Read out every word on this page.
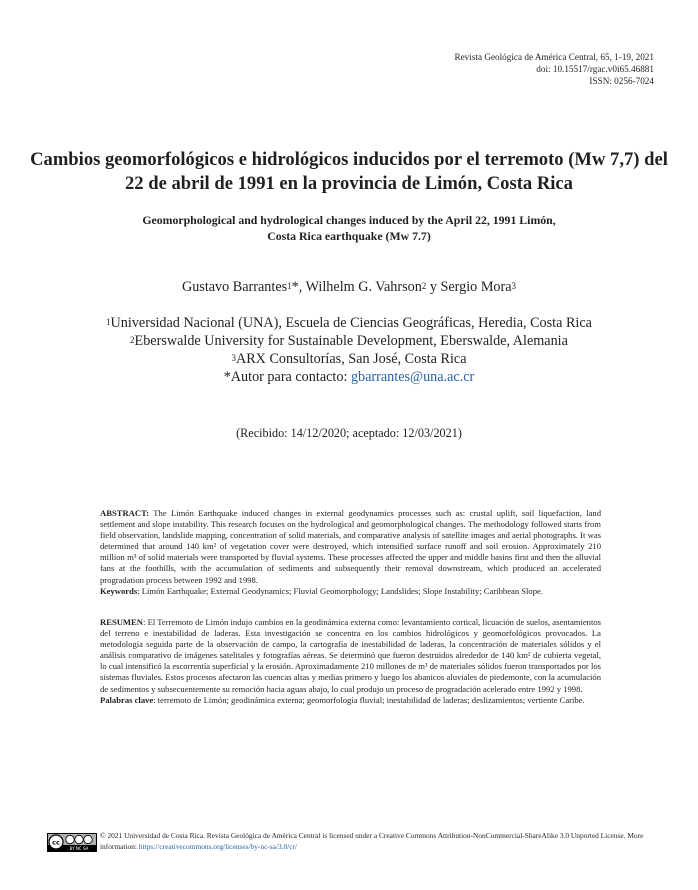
Revista Geológica de América Central, 65, 1-19, 2021
doi: 10.15517/rgac.v0i65.46881
ISSN: 0256-7024
Cambios geomorfológicos e hidrológicos inducidos por el terremoto (Mw 7,7) del 22 de abril de 1991 en la provincia de Limón, Costa Rica
Geomorphological and hydrological changes induced by the April 22, 1991 Limón,
Costa Rica earthquake (Mw 7.7)
Gustavo Barrantes$^1$*, Wilhelm G. Vahrson$^2$ y Sergio Mora$^3$
$^1$Universidad Nacional (UNA), Escuela de Ciencias Geográficas, Heredia, Costa Rica
$^2$Eberswalde University for Sustainable Development, Eberswalde, Alemania
$^3$ARX Consultorías, San José, Costa Rica
*Autor para contacto: gbarrantes@una.ac.cr
(Recibido: 14/12/2020; aceptado: 12/03/2021)

ABSTRACT: The Limón Earthquake induced changes in external geodynamics processes such as: crustal uplift, soil liquefaction, land settlement and slope instability. This research focuses on the hydrological and geomorphological changes. The methodology followed starts from field observation, landslide mapping, concentration of solid materials, and comparative analysis of satellite images and aerial photographs. It was determined that around 140 km² of vegetation cover were destroyed, which intensified surface runoff and soil erosion. Approximately 210 million m³ of solid materials were transported by fluvial systems. These processes affected the upper and middle basins first and then the alluvial fans at the foothills, with the accumulation of sediments and subsequently their removal downstream, which produced an accelerated progradation process between 1992 and 1998.

Keywords: Limón Earthquake; External Geodynamics; Fluvial Geomorphology; Landslides; Slope Instability; Caribbean Slope.

RESUMEN: El Terremoto de Limón indujo cambios en la geodinámica externa como: levantamiento cortical, licuación de suelos, asentamientos del terreno e inestabilidad de laderas. Esta investigación se concentra en los cambios hidrológicos y geomorfológicos provocados. La metodología seguida parte de la observación de campo, la cartografía de inestabilidad de laderas, la concentración de materiales sólidos y el análisis comparativo de imágenes satelitales y fotografías aéreas. Se determinó que fueron destruidos alrededor de 140 km² de cubierta vegetal, lo cual intensificó la escorrentía superficial y la erosión. Aproximadamente 210 millones de m³ de materiales sólidos fueron transportados por los sistemas fluviales. Estos procesos afectaron las cuencas altas y medias primero y luego los abanicos aluviales de piedemonte, con la acumulación de sedimentos y subsecuentemente su remoción hacia aguas abajo, lo cual produjo un proceso de progradación acelerado entre 1992 y 1998.

Palabras clave: terremoto de Limón; geodinámica externa; geomorfología fluvial; inestabilidad de laderas; deslizamientos; vertiente Caribe.

cc
BY NC SA
© 2021 Universidad de Costa Rica. Revista Geológica de América Central is licensed under a Creative Commons Attribution-NonCommercial-ShareAlike 3.0 Unported License. More information: https://creativecommons.org/licenses/by-nc-sa/3.0/cr/
